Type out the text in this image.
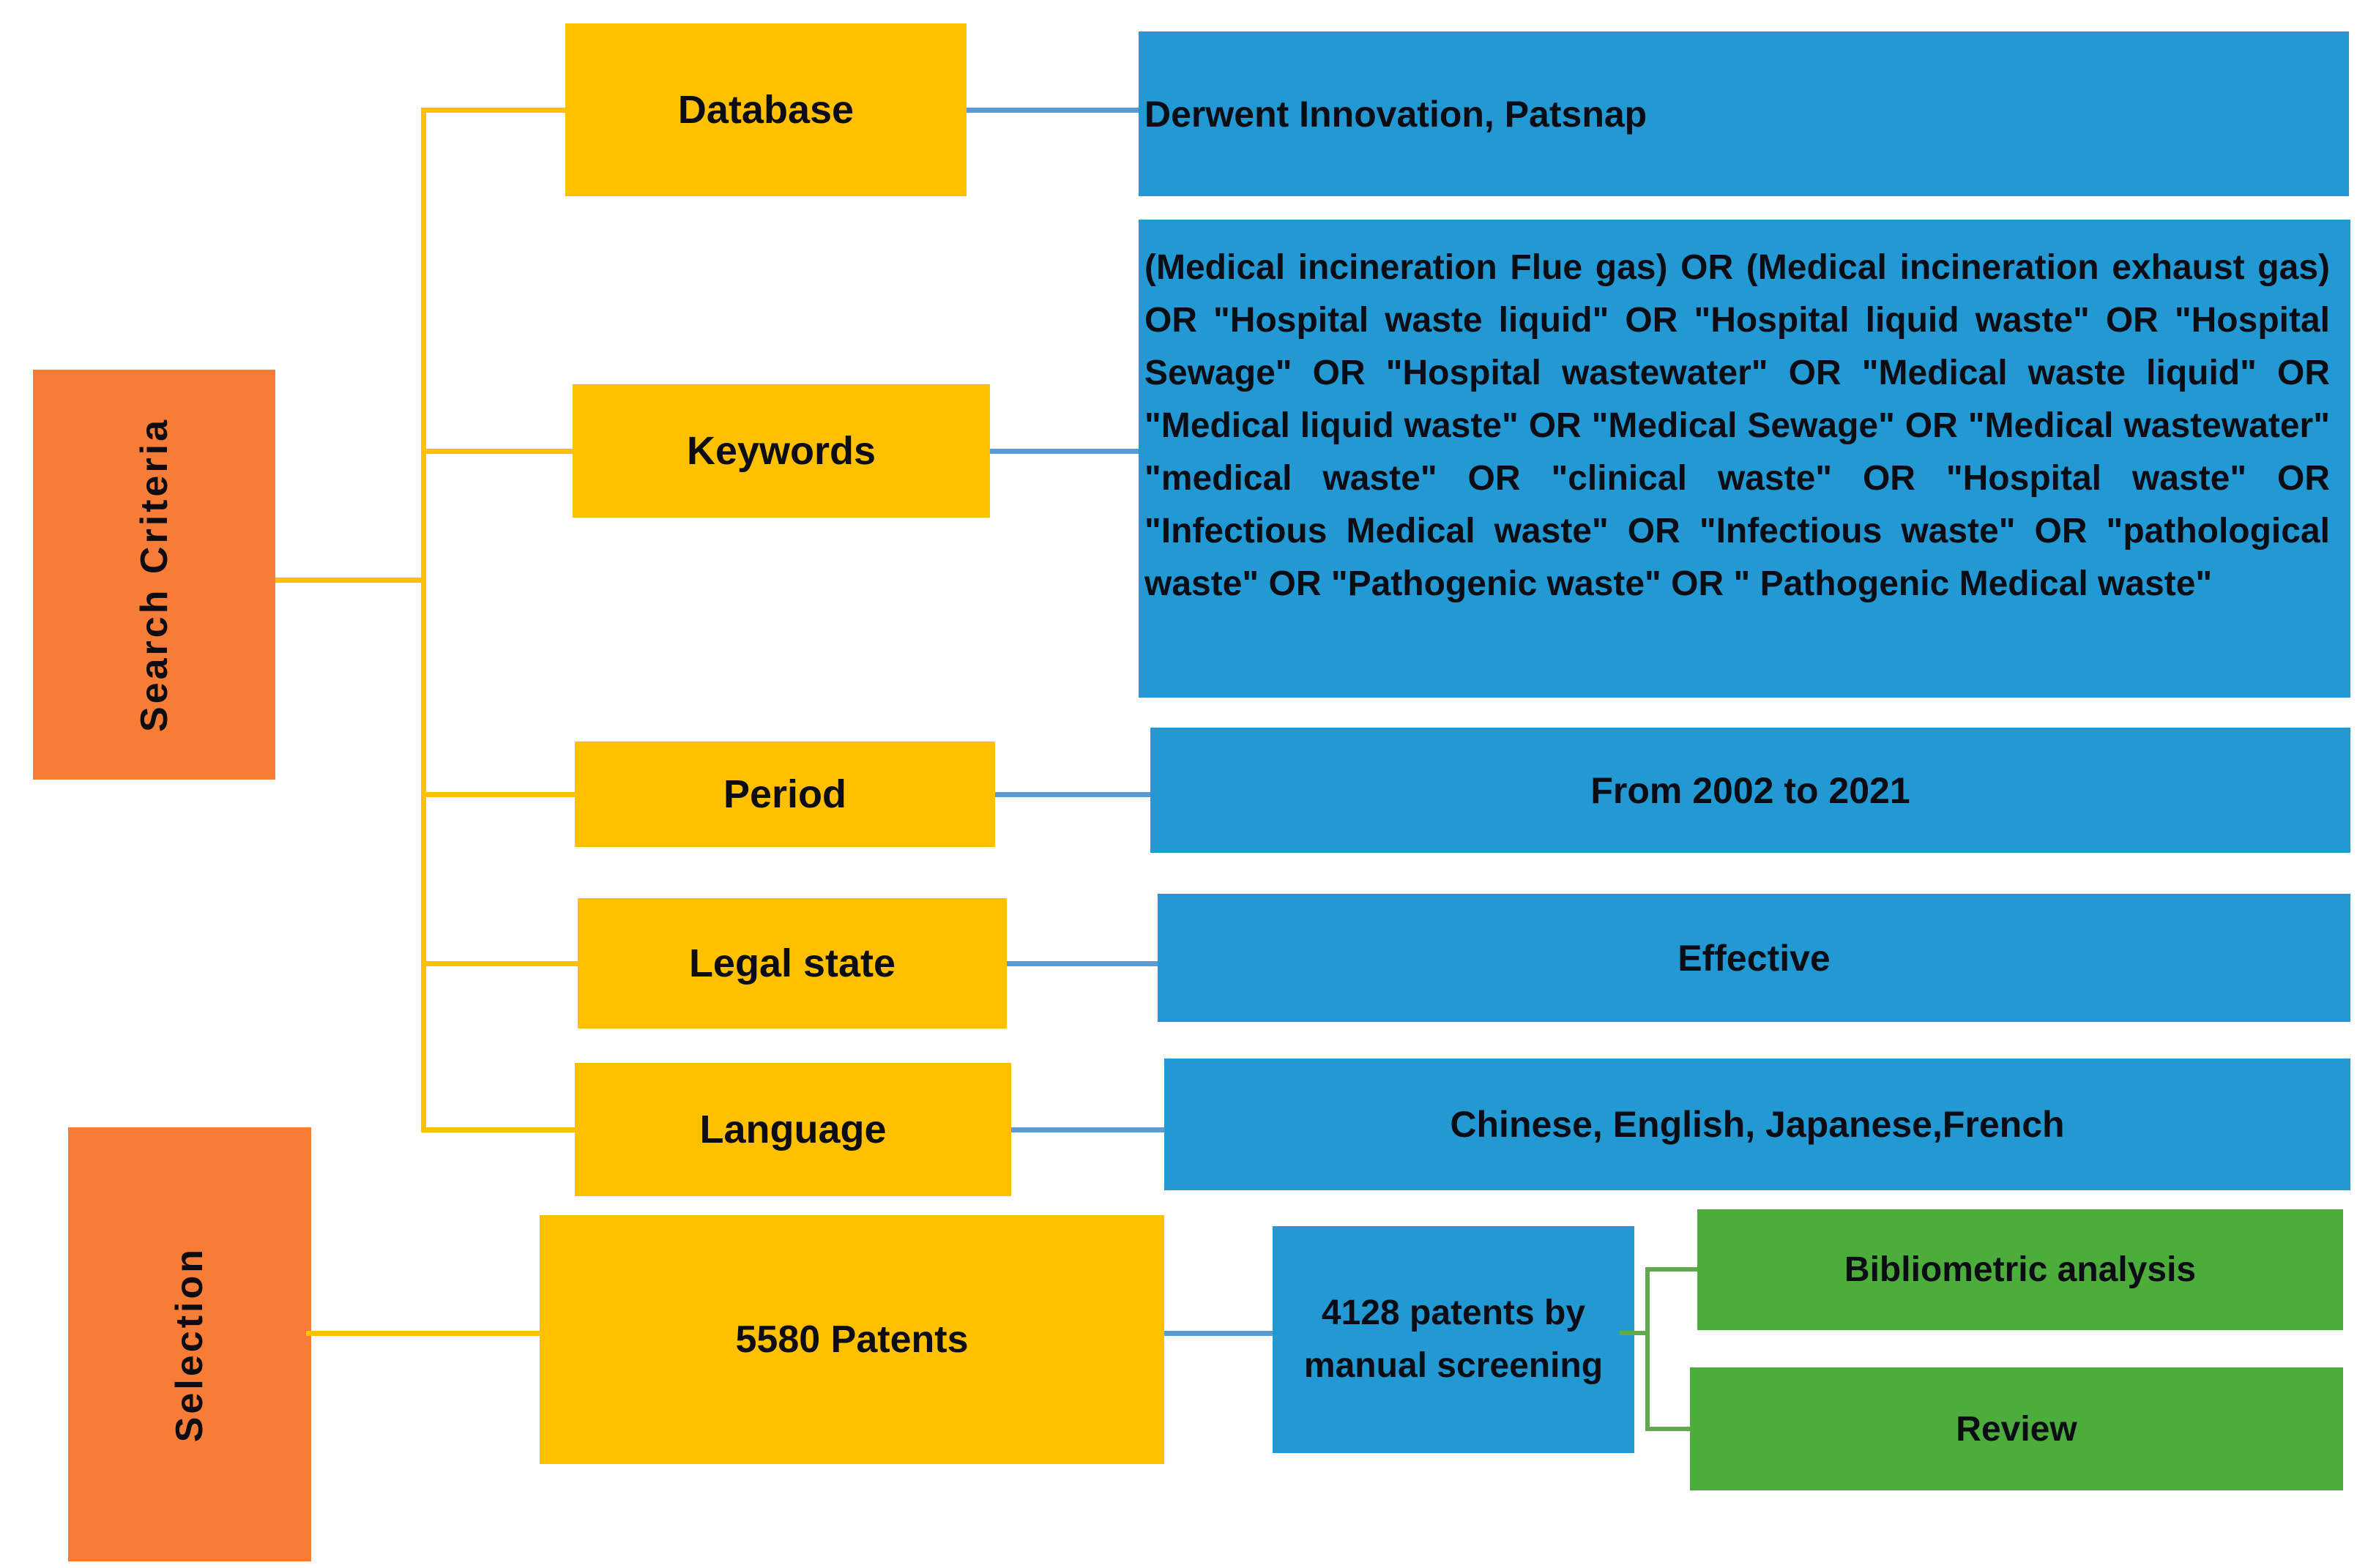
Search Criteria
Selection
Database
Keywords
Period
Legal state
Language
Derwent Innovation, Patsnap
(Medical incineration Flue gas) OR (Medical incineration exhaust gas) OR "Hospital waste liquid" OR "Hospital liquid waste" OR "Hospital Sewage" OR "Hospital wastewater" OR "Medical waste liquid" OR "Medical liquid waste" OR "Medical Sewage" OR "Medical wastewater" "medical waste" OR "clinical waste" OR "Hospital waste" OR "Infectious Medical waste" OR "Infectious waste" OR "pathological waste" OR "Pathogenic waste" OR " Pathogenic Medical waste"
From 2002 to 2021
Effective
Chinese, English, Japanese,French
5580 Patents
4128 patents by manual screening
Bibliometric analysis
Review
